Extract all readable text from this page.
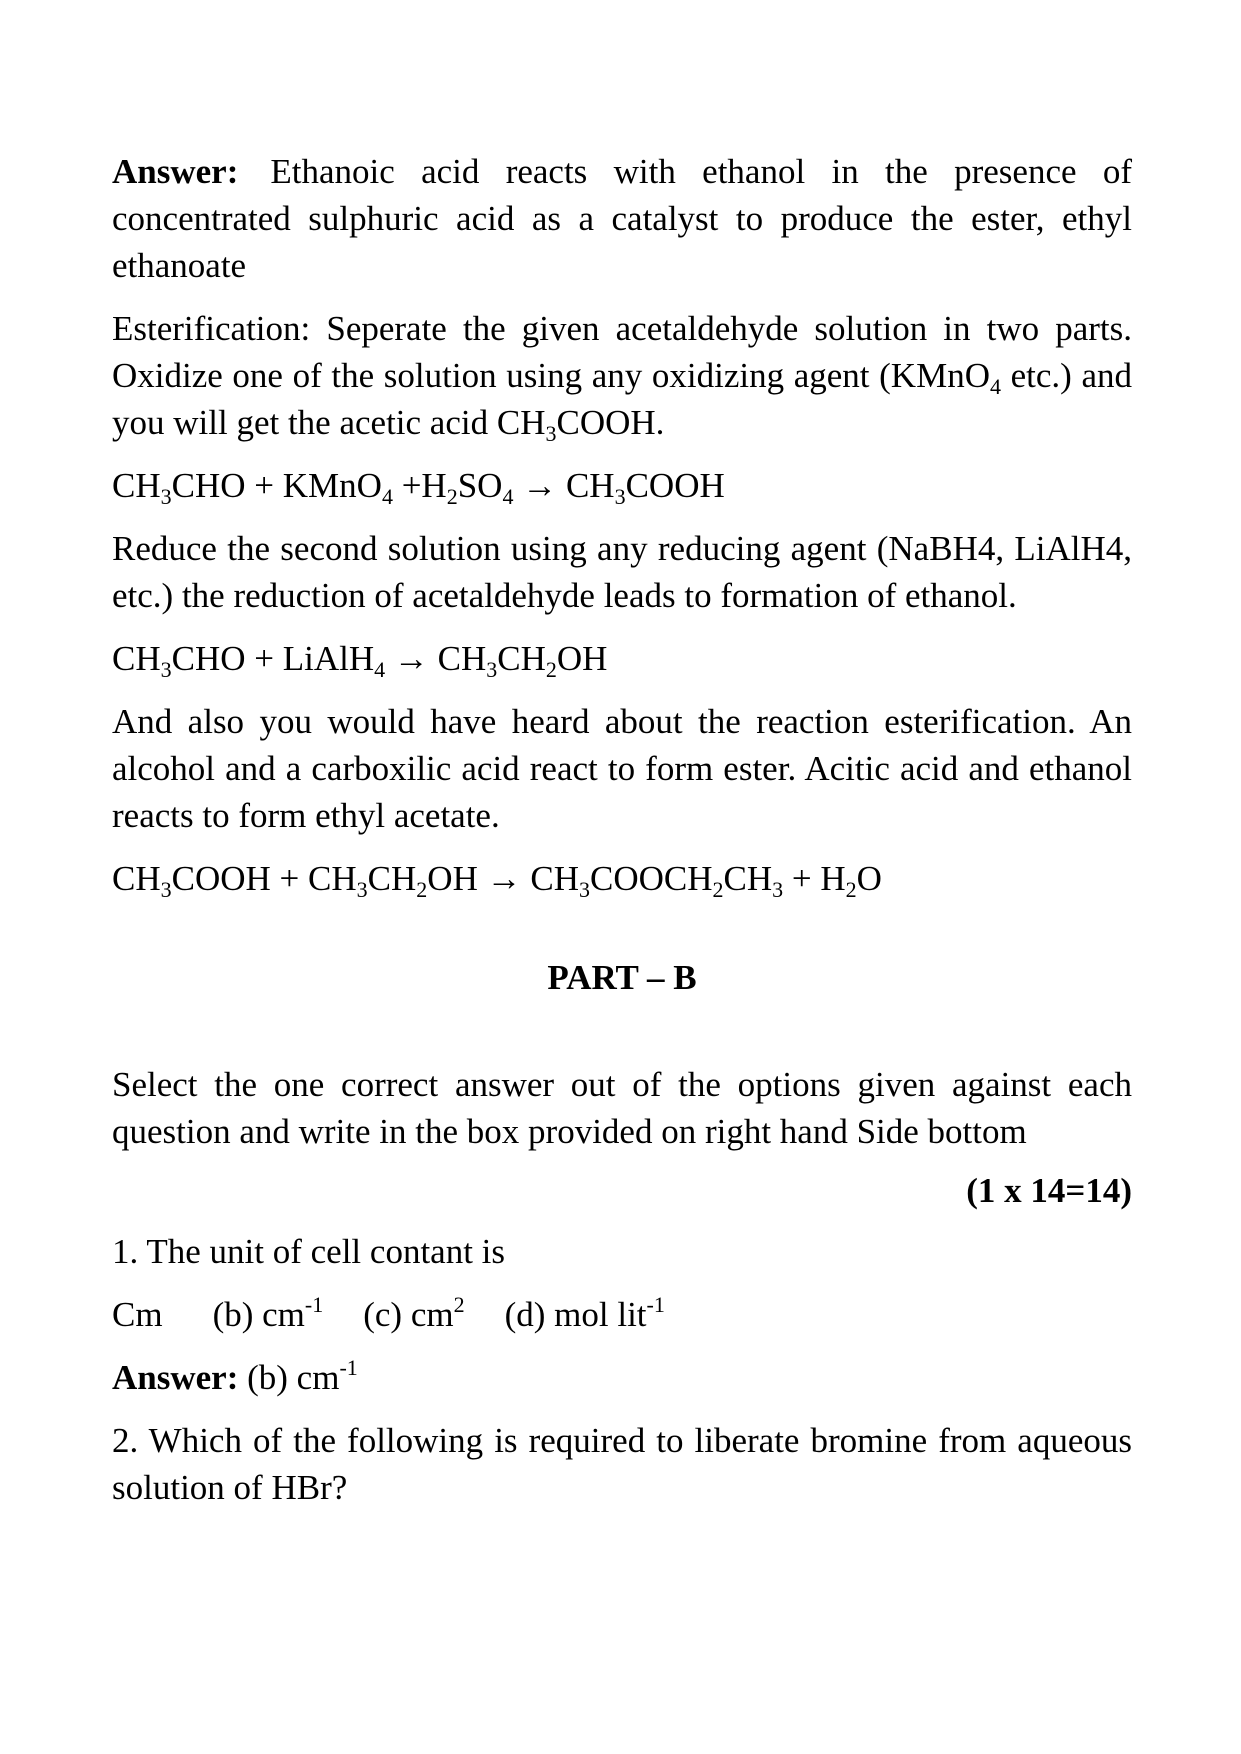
Answer: Ethanoic acid reacts with ethanol in the presence of concentrated sulphuric acid as a catalyst to produce the ester, ethyl ethanoate

Esterification: Seperate the given acetaldehyde solution in two parts. Oxidize one of the solution using any oxidizing agent (KMnO$_4$ etc.) and you will get the acetic acid $CH_3COOH$.

$CH_3CHO$ + KMnO$_4$ $+H_2SO_4$ → $CH_3COOH$

Reduce the second solution using any reducing agent (NaBH4, LiAlH4, etc.) the reduction of acetaldehyde leads to formation of ethanol.

$CH_3CHO$ + LiAlH$_4$ → $CH_3CH_2OH$

And also you would have heard about the reaction esterification. An alcohol and a carboxilic acid react to form ester. Acitic acid and ethanol reacts to form ethyl acetate.

$CH_3COOH + CH_3CH_2OH$ → $CH_3COOCH_2CH_3 + H_2O$

PART – B

Select the one correct answer out of the options given against each question and write in the box provided on right hand Side bottom

(1 x 14=14)

1. The unit of cell contant is

Cm (b) $cm^{-1}$ (c) $cm^2$ (d) mol lit$^{-1}$

Answer: (b) $cm^{-1}$

2. Which of the following is required to liberate bromine from aqueous solution of HBr?
